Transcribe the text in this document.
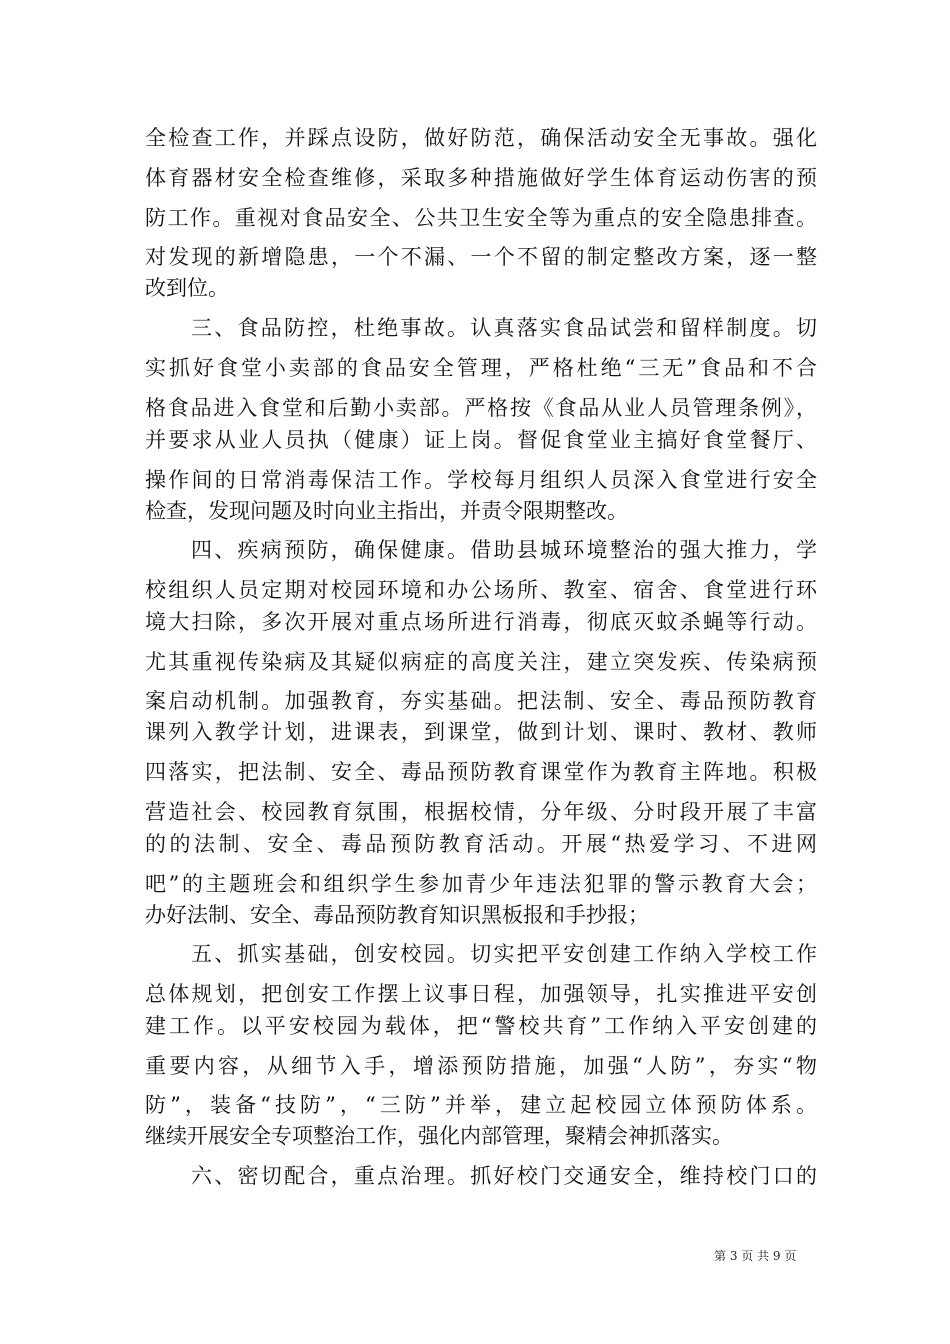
全检查工作，并踩点设防，做好防范，确保活动安全无事故。强化
体育器材安全检查维修，采取多种措施做好学生体育运动伤害的预
防工作。重视对食品安全、公共卫生安全等为重点的安全隐患排查。
对发现的新增隐患，一个不漏、一个不留的制定整改方案，逐一整
改到位。
三、食品防控，杜绝事故。认真落实食品试尝和留样制度。切
实抓好食堂小卖部的食品安全管理，严格杜绝“三无”食品和不合
格食品进入食堂和后勤小卖部。严格按《食品从业人员管理条例》，
并要求从业人员执（健康）证上岗。督促食堂业主搞好食堂餐厅、
操作间的日常消毒保洁工作。学校每月组织人员深入食堂进行安全
检查，发现问题及时向业主指出，并责令限期整改。
四、疾病预防，确保健康。借助县城环境整治的强大推力，学
校组织人员定期对校园环境和办公场所、教室、宿舍、食堂进行环
境大扫除，多次开展对重点场所进行消毒，彻底灭蚊杀蝇等行动。
尤其重视传染病及其疑似病症的高度关注，建立突发疾、传染病预
案启动机制。加强教育，夯实基础。把法制、安全、毒品预防教育
课列入教学计划，进课表，到课堂，做到计划、课时、教材、教师
四落实，把法制、安全、毒品预防教育课堂作为教育主阵地。积极
营造社会、校园教育氛围，根据校情，分年级、分时段开展了丰富
的的法制、安全、毒品预防教育活动。开展“热爱学习、不进网
吧”的主题班会和组织学生参加青少年违法犯罪的警示教育大会；
办好法制、安全、毒品预防教育知识黑板报和手抄报；
五、抓实基础，创安校园。切实把平安创建工作纳入学校工作
总体规划，把创安工作摆上议事日程，加强领导，扎实推进平安创
建工作。以平安校园为载体，把“警校共育”工作纳入平安创建的
重要内容，从细节入手，增添预防措施，加强“人防”，夯实“物
防”，装备“技防”，“三防”并举，建立起校园立体预防体系。
继续开展安全专项整治工作，强化内部管理，聚精会神抓落实。
六、密切配合，重点治理。抓好校门交通安全，维持校门口的
第 3 页 共 9 页
